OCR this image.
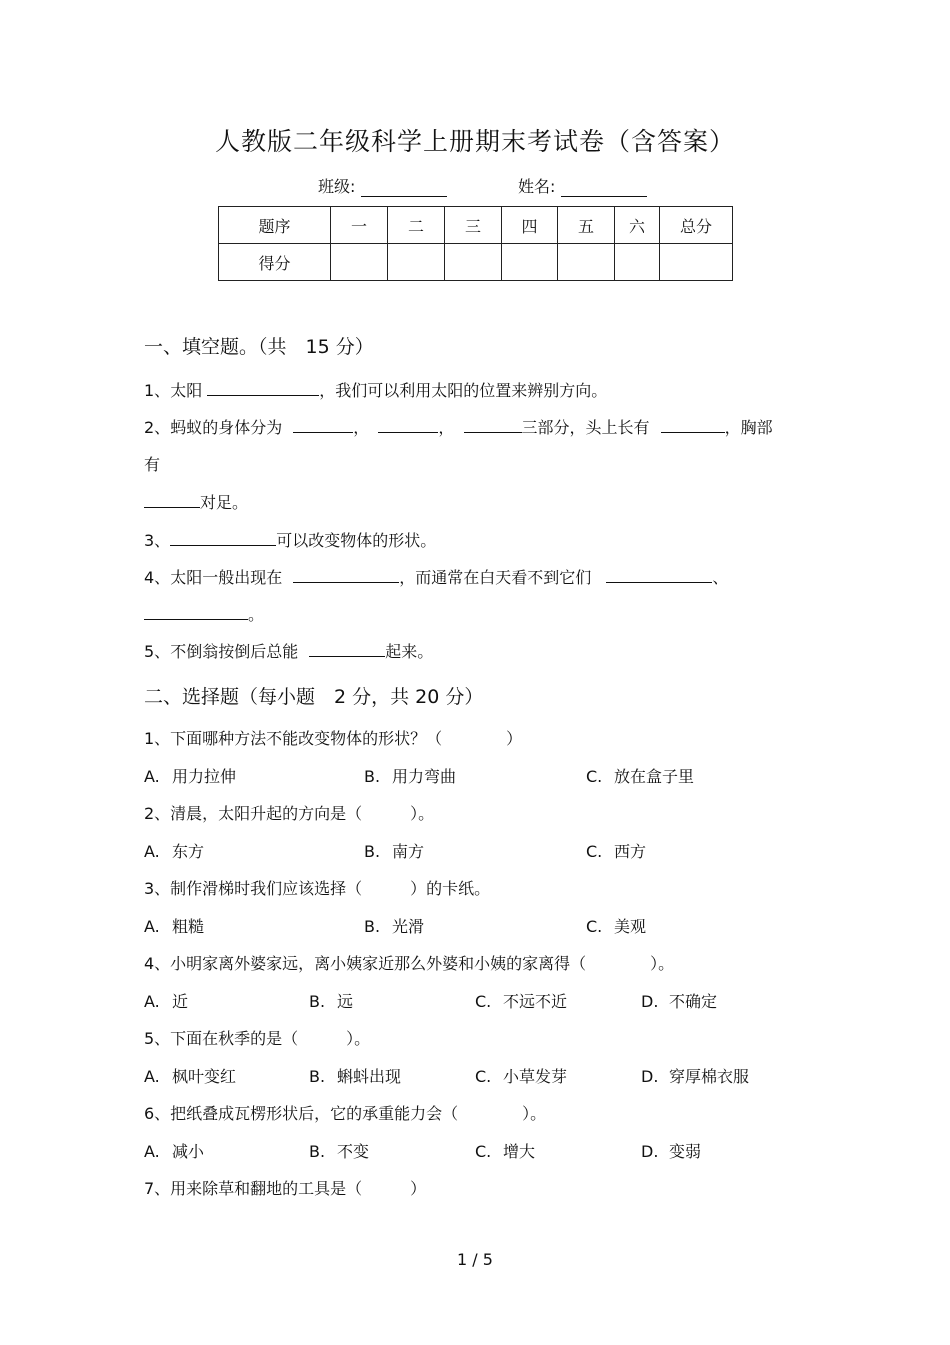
人教版二年级科学上册期末考试卷（含答案）
班级:	姓名:
题序	一	二	三	四	五	六	总分
得分							
一、填空题。（共　15 分）
1、太阳	，我们可以利用太阳的位置来辨别方向。
2、蚂蚁的身体分为	，	，	三部分，头上长有	，胸部
有
对足。
3、	可以改变物体的形状。
4、太阳一般出现在	，而通常在白天看不到它们	、
。
5、不倒翁按倒后总能	起来。
二、选择题（每小题　2 分，共 20 分）
1、下面哪种方法不能改变物体的形状？（　　　　）
A. 用力拉伸	B. 用力弯曲	C. 放在盒子里
2、清晨，太阳升起的方向是（　　　）。
A. 东方	B. 南方	C. 西方
3、制作滑梯时我们应该选择（　　　）的卡纸。
A. 粗糙	B. 光滑	C. 美观
4、小明家离外婆家远，离小姨家近那么外婆和小姨的家离得（　　　　）。
A. 近	B. 远	C. 不远不近	D. 不确定
5、下面在秋季的是（　　　）。
A. 枫叶变红	B. 蝌蚪出现	C. 小草发芽	D. 穿厚棉衣服
6、把纸叠成瓦楞形状后，它的承重能力会（　　　　）。
A. 减小	B. 不变	C. 增大	D. 变弱
7、用来除草和翻地的工具是（　　　）
1 / 5
